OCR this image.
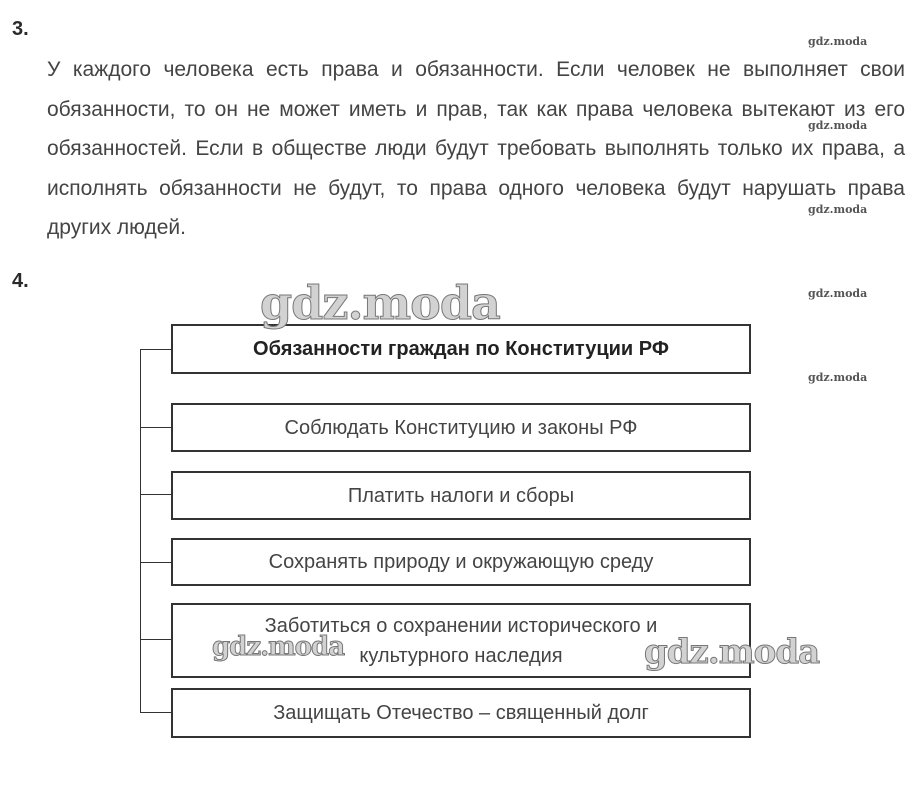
3.
У каждого человека есть права и обязанности. Если человек не выполняет свои обязанности, то он не может иметь и прав, так как права человека вытекают из его обязанностей. Если в обществе люди будут требовать выполнять только их права, а исполнять обязанности не будут, то права одного человека будут нарушать права других людей.
4.
gdz.moda
gdz.moda
gdz.moda
gdz.moda
gdz.moda
Обязанности граждан по Конституции РФ
Соблюдать Конституцию и законы РФ
Платить налоги и сборы
Сохранять природу и окружающую среду
Заботиться о сохранении исторического и культурного наследия
Защищать Отечество – священный долг
gdz.moda
gdz.moda	gdz.moda
